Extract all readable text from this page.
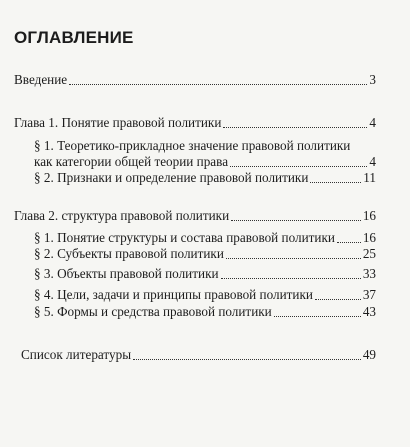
ОГЛАВЛЕНИЕ
Введение	3
Глава 1. Понятие правовой политики	4
§ 1. Теоретико-прикладное значение правовой политики
как категории общей теории права	4
§ 2. Признаки и определение правовой политики	11
Глава 2. структура правовой политики	16
§ 1. Понятие структуры и состава правовой политики 16
§ 2. Субъекты правовой политики	25
§ 3. Объекты правовой политики	33
§ 4. Цели, задачи и принципы правовой политики	37
§ 5. Формы и средства правовой политики	43
Список литературы	49
